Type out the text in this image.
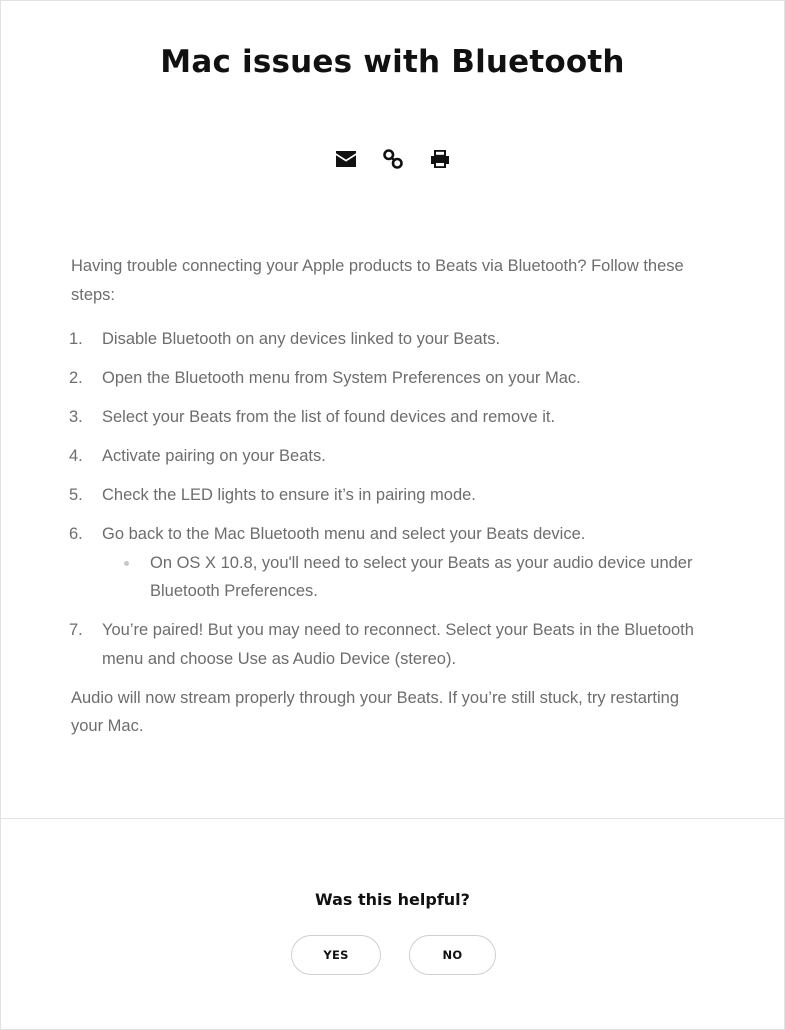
Mac issues with Bluetooth

Having trouble connecting your Apple products to Beats via Bluetooth? Follow these steps:

1. Disable Bluetooth on any devices linked to your Beats.
2. Open the Bluetooth menu from System Preferences on your Mac.
3. Select your Beats from the list of found devices and remove it.
4. Activate pairing on your Beats.
5. Check the LED lights to ensure it’s in pairing mode.
6. Go back to the Mac Bluetooth menu and select your Beats device.
On OS X 10.8, you'll need to select your Beats as your audio device under Bluetooth Preferences.
7. You’re paired! But you may need to reconnect. Select your Beats in the Bluetooth menu and choose Use as Audio Device (stereo).

Audio will now stream properly through your Beats. If you’re still stuck, try restarting your Mac.

Was this helpful?
YES	NO
